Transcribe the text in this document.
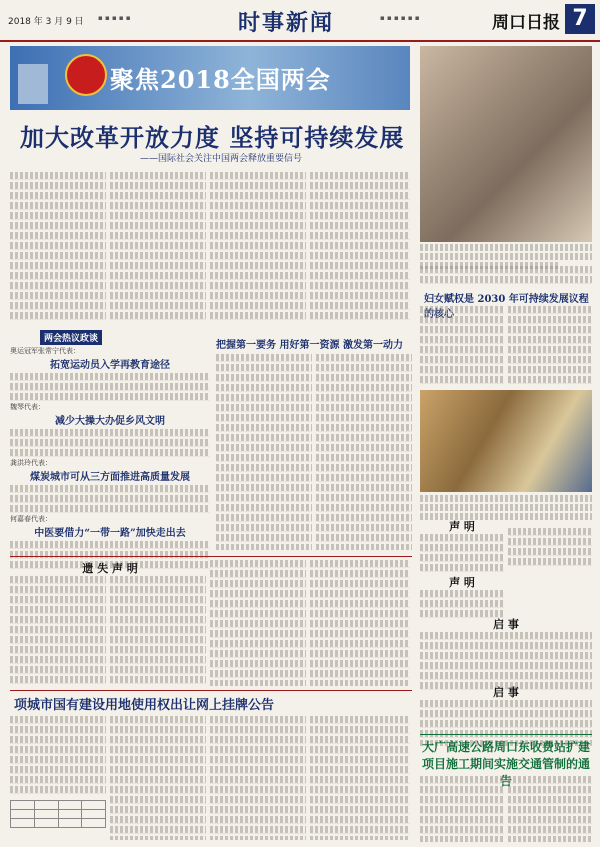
2018 年 3 月 9 日 ▪ ▪ ▪ ▪ ▪	时事新闻	▪ ▪ ▪ ▪ ▪ ▪	周口日报 7
聚焦2018全国两会
加大改革开放力度 坚持可持续发展
——国际社会关注中国两会释放重要信号
妇女赋权是 2030 年可持续发展议程的核心
两会热议政谈
奥运冠军张常宁代表：
拓宽运动员入学再教育途径
魏琴代表：
减少大操大办促乡风文明
龚洪玲代表：
煤炭城市可从三方面推进高质量发展
何嘉春代表：
中医要借力“一带一路”加快走出去
把握第一要务 用好第一资源 激发第一动力
声 明
声 明
启 事
启 事
遗 失 声 明
项城市国有建设用地使用权出让网上挂牌公告

大广高速公路周口东收费站扩建项目施工期间实施交通管制的通告
